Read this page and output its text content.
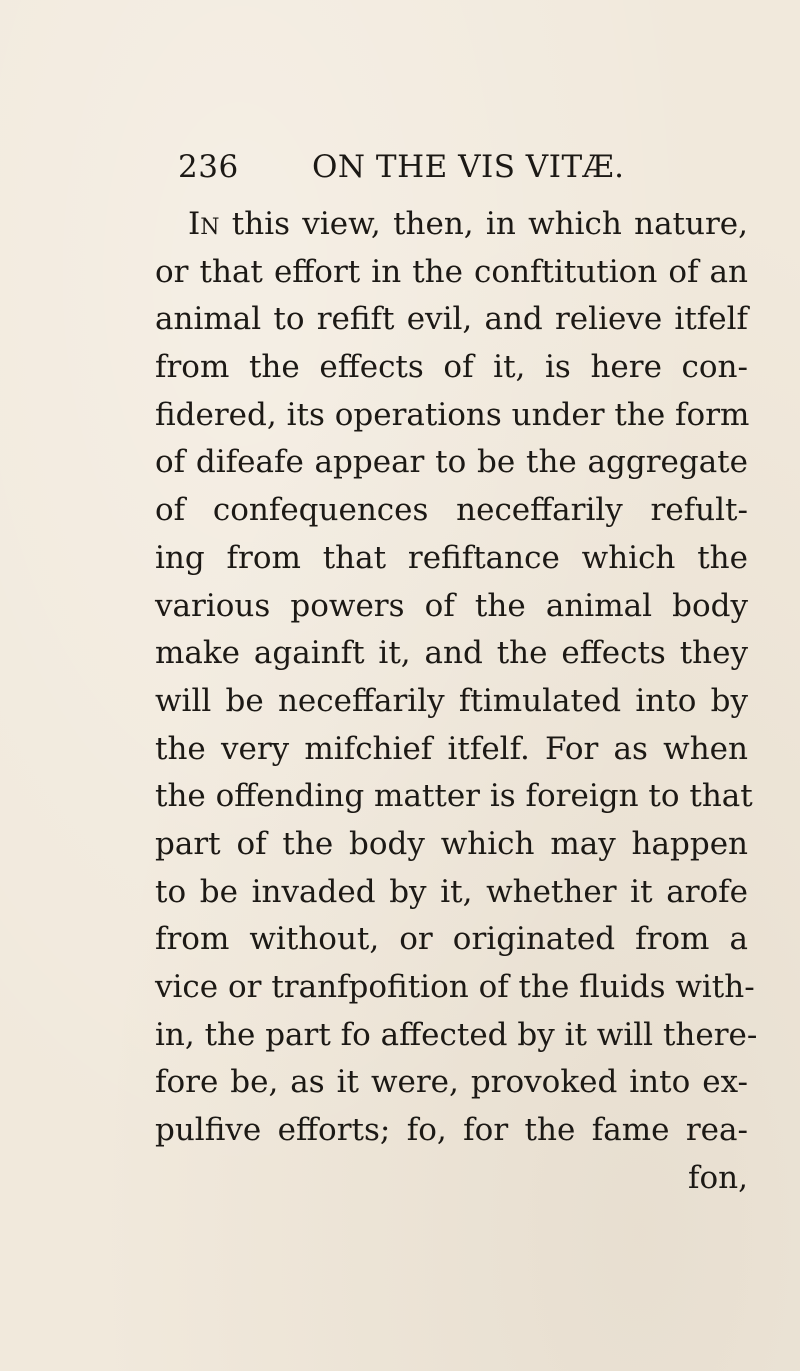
236 ON THE VIS VITÆ.
In this view, then, in which nature,
or that effort in the conftitution of an
animal to refift evil, and relieve itfelf
from the effects of it, is here con-
fidered, its operations under the form
of difeafe appear to be the aggregate
of confequences neceffarily refult-
ing from that refiftance which the
various powers of the animal body
make againft it, and the effects they
will be neceffarily ftimulated into by
the very mifchief itfelf. For as when
the offending matter is foreign to that
part of the body which may happen
to be invaded by it, whether it arofe
from without, or originated from a
vice or tranfpofition of the fluids with-
in, the part fo affected by it will there-
fore be, as it were, provoked into ex-
pulfive efforts; fo, for the fame rea-
fon,
